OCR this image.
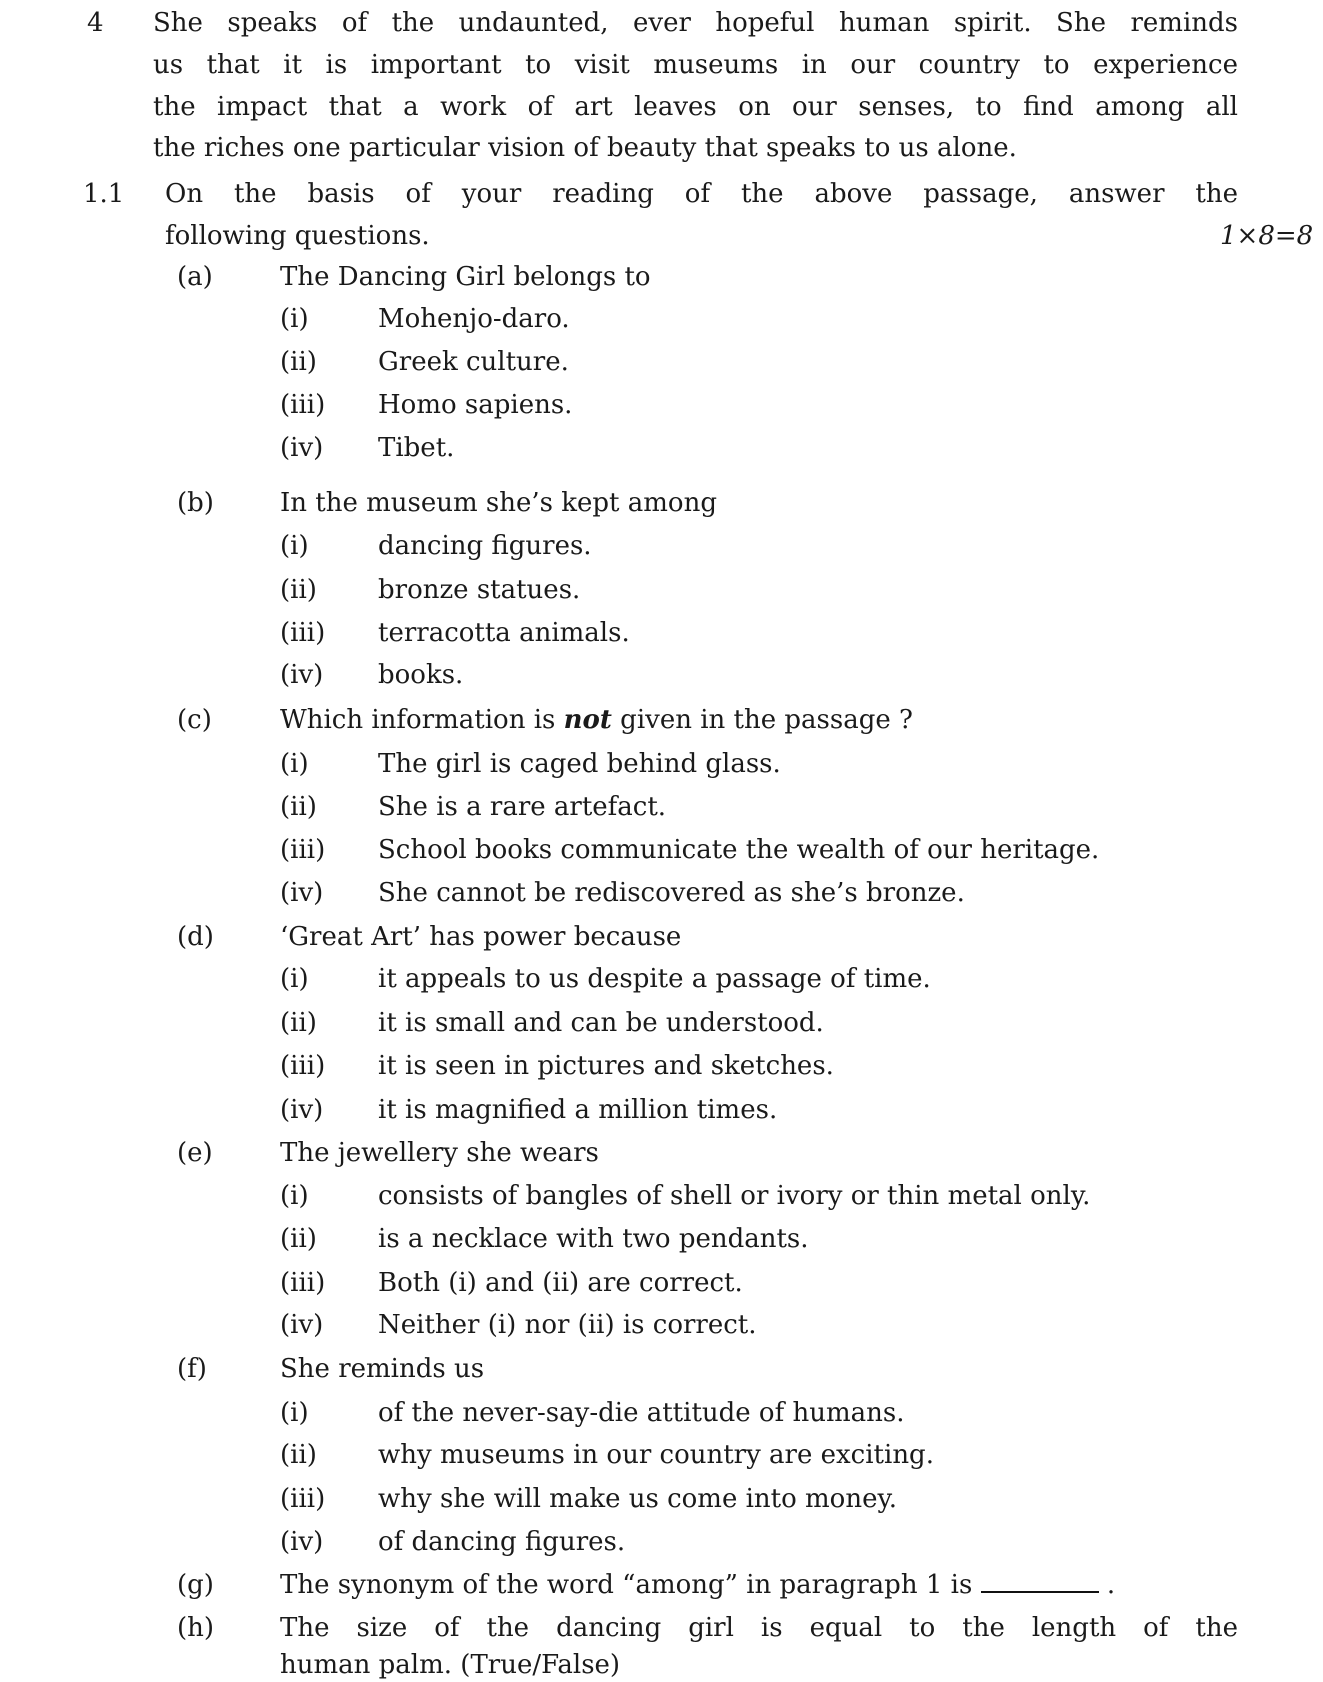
4 She speaks of the undaunted, ever hopeful human spirit. She reminds
us that it is important to visit museums in our country to experience
the impact that a work of art leaves on our senses, to find among all
the riches one particular vision of beauty that speaks to us alone.
1.1 On the basis of your reading of the above passage, answer the
following questions.	1×8=8
(a)	The Dancing Girl belongs to
(i)	Mohenjo-daro.
(ii) Greek culture.
(iii) Homo sapiens.
(iv) Tibet.
(b)	In the museum she’s kept among
(i)	dancing figures.
(ii) bronze statues.
(iii) terracotta animals.
(iv) books.
(c)	Which information is not given in the passage ?
(i)	The girl is caged behind glass.
(ii) She is a rare artefact.
(iii) School books communicate the wealth of our heritage.
(iv) She cannot be rediscovered as she’s bronze.
(d)	‘Great Art’ has power because
(i)	it appeals to us despite a passage of time.
(ii) it is small and can be understood.
(iii) it is seen in pictures and sketches.
(iv) it is magnified a million times.
(e)	The jewellery she wears
(i)	consists of bangles of shell or ivory or thin metal only.
(ii) is a necklace with two pendants.
(iii) Both (i) and (ii) are correct.
(iv) Neither (i) nor (ii) is correct.
(f)	She reminds us
(i)	of the never-say-die attitude of humans.
(ii) why museums in our country are exciting.
(iii) why she will make us come into money.
(iv) of dancing figures.
(g)	The synonym of the word “among” in paragraph 1 is	.
(h)	The size of the dancing girl is equal to the length of the
human palm. (True/False)
